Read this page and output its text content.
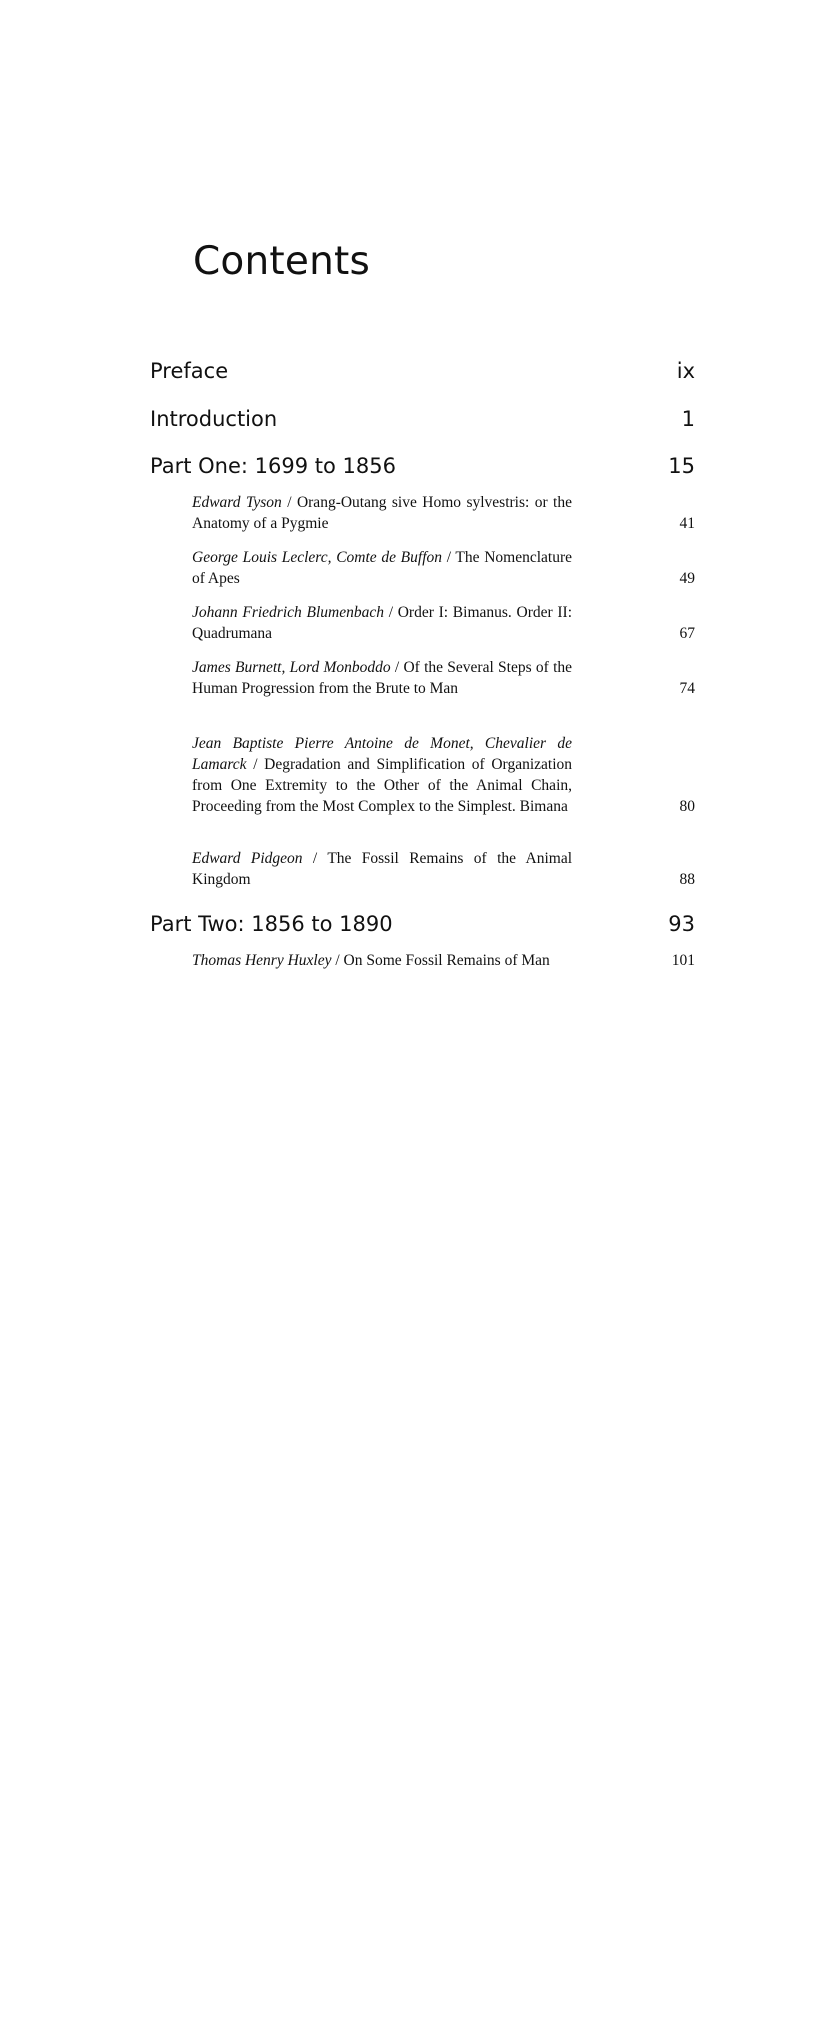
Contents
Preface	ix
Introduction	1
Part One: 1699 to 1856	15
Edward Tyson / Orang-Outang sive Homo sylvestris: or the Anatomy of a Pygmie	41
George Louis Leclerc, Comte de Buffon / The Nomenclature of Apes	49
Johann Friedrich Blumenbach / Order I: Bimanus. Order II: Quadrumana	67
James Burnett, Lord Monboddo / Of the Several Steps of the Human Progression from the Brute to Man	74
Jean Baptiste Pierre Antoine de Monet, Chevalier de Lamarck / Degradation and Simplification of Organization from One Extremity to the Other of the Animal Chain, Proceeding from the Most Complex to the Simplest. Bimana	80
Edward Pidgeon / The Fossil Remains of the Animal Kingdom	88
Part Two: 1856 to 1890	93
Thomas Henry Huxley / On Some Fossil Remains of Man	101
